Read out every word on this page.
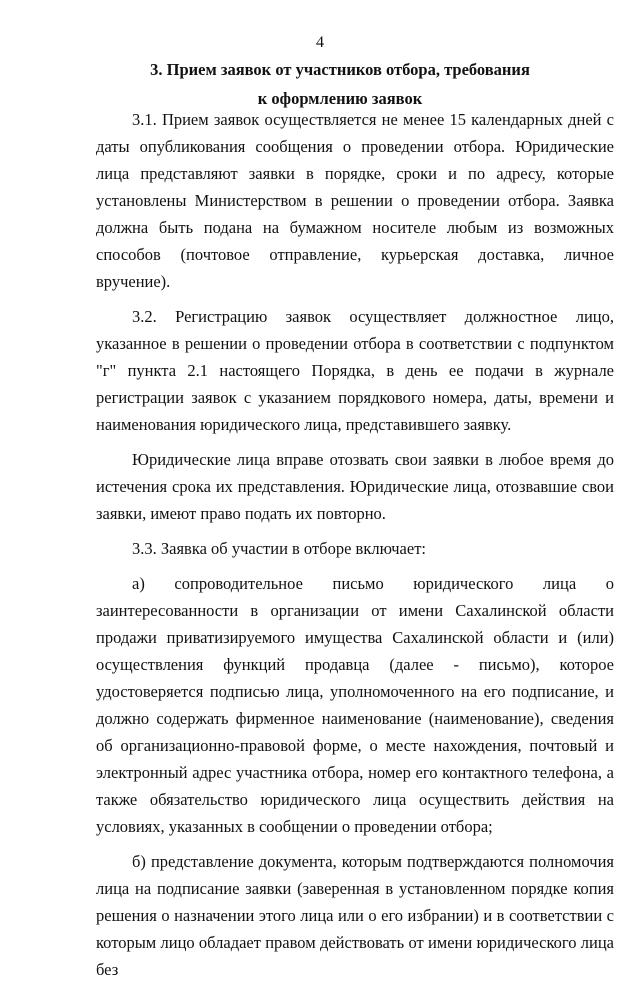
4
3. Прием заявок от участников отбора, требования
к оформлению заявок

3.1. Прием заявок осуществляется не менее 15 календарных дней с даты опубликования сообщения о проведении отбора. Юридические лица представляют заявки в порядке, сроки и по адресу, которые установлены Министерством в решении о проведении отбора. Заявка должна быть подана на бумажном носителе любым из возможных способов (почтовое отправление, курьерская доставка, личное вручение).

3.2. Регистрацию заявок осуществляет должностное лицо, указанное в решении о проведении отбора в соответствии с подпунктом "г" пункта 2.1 настоящего Порядка, в день ее подачи в журнале регистрации заявок с указанием порядкового номера, даты, времени и наименования юридического лица, представившего заявку.

Юридические лица вправе отозвать свои заявки в любое время до истечения срока их представления. Юридические лица, отозвавшие свои заявки, имеют право подать их повторно.

3.3. Заявка об участии в отборе включает:

а) сопроводительное письмо юридического лица о заинтересованности в организации от имени Сахалинской области продажи приватизируемого имущества Сахалинской области и (или) осуществления функций продавца (далее - письмо), которое удостоверяется подписью лица, уполномоченного на его подписание, и должно содержать фирменное наименование (наименование), сведения об организационно-правовой форме, о месте нахождения, почтовый и электронный адрес участника отбора, номер его контактного телефона, а также обязательство юридического лица осуществить действия на условиях, указанных в сообщении о проведении отбора;

б) представление документа, которым подтверждаются полномочия лица на подписание заявки (заверенная в установленном порядке копия решения о назначении этого лица или о его избрании) и в соответствии с которым лицо обладает правом действовать от имени юридического лица без
